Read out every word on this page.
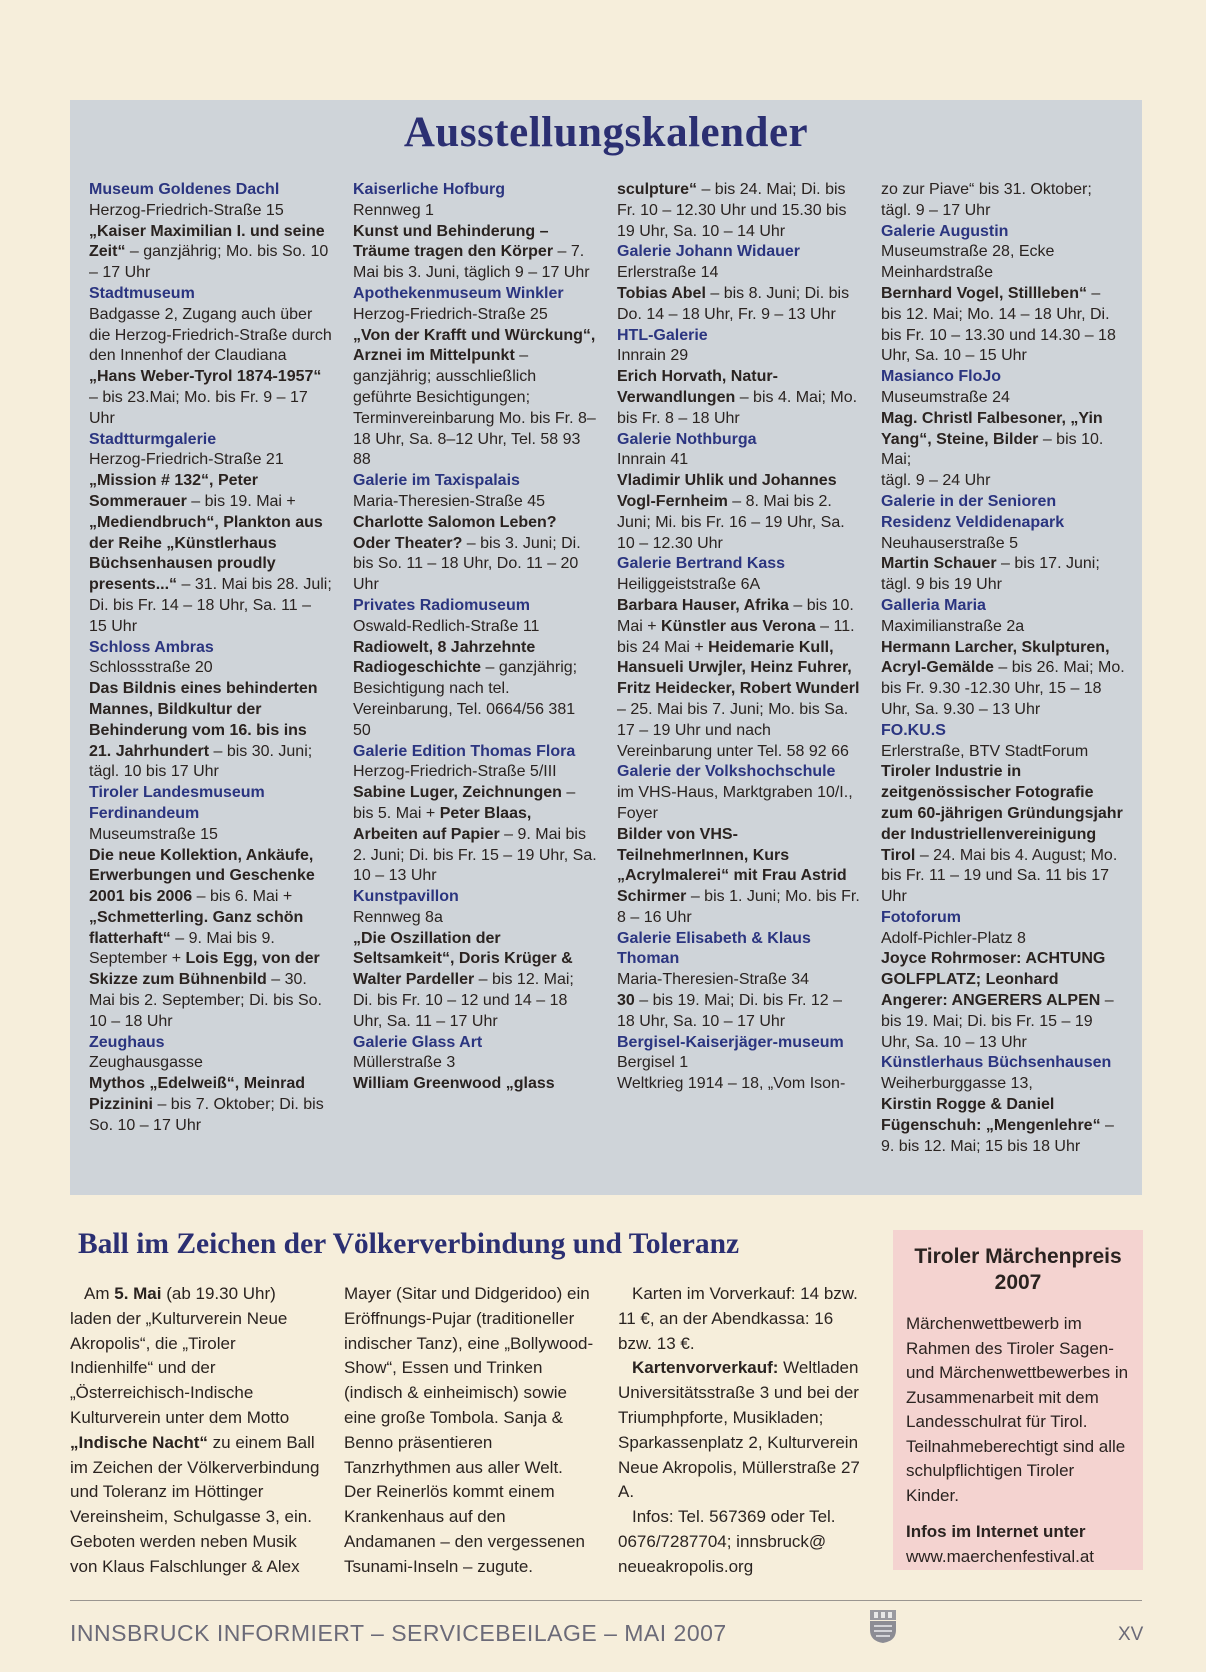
Ausstellungskalender

Museum Goldenes Dachl
Herzog-Friedrich-Straße 15
„Kaiser Maximilian I. und seine Zeit“ – ganzjährig; Mo. bis So. 10 – 17 Uhr

Stadtmuseum
Badgasse 2, Zugang auch über die Herzog-Friedrich-Straße durch den Innenhof der Claudiana
„Hans Weber-Tyrol 1874-1957“ – bis 23.Mai; Mo. bis Fr. 9 – 17 Uhr

Stadtturmgalerie
Herzog-Friedrich-Straße 21
„Mission # 132“, Peter Sommerauer – bis 19. Mai + „Mediendbruch“, Plankton aus der Reihe „Künstlerhaus Büchsenhausen proudly presents...“ – 31. Mai bis 28. Juli; Di. bis Fr. 14 – 18 Uhr, Sa. 11 – 15 Uhr

Schloss Ambras
Schlossstraße 20
Das Bildnis eines behinderten Mannes, Bildkultur der Behinderung vom 16. bis ins 21. Jahrhundert – bis 30. Juni; tägl. 10 bis 17 Uhr

Tiroler Landesmuseum Ferdinandeum
Museumstraße 15
Die neue Kollektion, Ankäufe, Erwerbungen und Geschenke 2001 bis 2006 – bis 6. Mai + „Schmetterling. Ganz schön flatterhaft“ – 9. Mai bis 9. September + Lois Egg, von der Skizze zum Bühnenbild – 30. Mai bis 2. September; Di. bis So. 10 – 18 Uhr

Zeughaus
Zeughausgasse
Mythos „Edelweiß“, Meinrad Pizzinini – bis 7. Oktober; Di. bis So. 10 – 17 Uhr

Kaiserliche Hofburg
Rennweg 1
Kunst und Behinderung – Träume tragen den Körper – 7. Mai bis 3. Juni, täglich 9 – 17 Uhr

Apothekenmuseum Winkler
Herzog-Friedrich-Straße 25
„Von der Krafft und Würckung“, Arznei im Mittelpunkt – ganzjährig; ausschließlich geführte Besichtigungen; Terminvereinbarung Mo. bis Fr. 8–18 Uhr, Sa. 8–12 Uhr, Tel. 58 93 88

Galerie im Taxispalais
Maria-Theresien-Straße 45
Charlotte Salomon Leben? Oder Theater? – bis 3. Juni; Di. bis So. 11 – 18 Uhr, Do. 11 – 20 Uhr

Privates Radiomuseum
Oswald-Redlich-Straße 11
Radiowelt, 8 Jahrzehnte Radiogeschichte – ganzjährig; Besichtigung nach tel. Vereinbarung, Tel. 0664/56 381 50

Galerie Edition Thomas Flora
Herzog-Friedrich-Straße 5/III
Sabine Luger, Zeichnungen – bis 5. Mai + Peter Blaas, Arbeiten auf Papier – 9. Mai bis 2. Juni; Di. bis Fr. 15 – 19 Uhr, Sa. 10 – 13 Uhr

Kunstpavillon
Rennweg 8a
„Die Oszillation der Seltsamkeit“, Doris Krüger & Walter Pardeller – bis 12. Mai; Di. bis Fr. 10 – 12 und 14 – 18 Uhr, Sa. 11 – 17 Uhr

Galerie Glass Art
Müllerstraße 3
William Greenwood „glass

sculpture“ – bis 24. Mai; Di. bis Fr. 10 – 12.30 Uhr und 15.30 bis 19 Uhr, Sa. 10 – 14 Uhr

Galerie Johann Widauer
Erlerstraße 14
Tobias Abel – bis 8. Juni; Di. bis Do. 14 – 18 Uhr, Fr. 9 – 13 Uhr

HTL-Galerie
Innrain 29
Erich Horvath, Natur-Verwandlungen – bis 4. Mai; Mo. bis Fr. 8 – 18 Uhr

Galerie Nothburga
Innrain 41
Vladimir Uhlik und Johannes Vogl-Fernheim – 8. Mai bis 2. Juni; Mi. bis Fr. 16 – 19 Uhr, Sa. 10 – 12.30 Uhr

Galerie Bertrand Kass
Heiliggeiststraße 6A
Barbara Hauser, Afrika – bis 10. Mai + Künstler aus Verona – 11. bis 24 Mai + Heidemarie Kull, Hansueli Urwjler, Heinz Fuhrer, Fritz Heidecker, Robert Wunderl – 25. Mai bis 7. Juni; Mo. bis Sa. 17 – 19 Uhr und nach Vereinbarung unter Tel. 58 92 66

Galerie der Volkshochschule
im VHS-Haus, Marktgraben 10/I., Foyer
Bilder von VHS-TeilnehmerInnen, Kurs „Acrylmalerei“ mit Frau Astrid Schirmer – bis 1. Juni; Mo. bis Fr. 8 – 16 Uhr

Galerie Elisabeth & Klaus Thoman
Maria-Theresien-Straße 34
30 – bis 19. Mai; Di. bis Fr. 12 – 18 Uhr, Sa. 10 – 17 Uhr

Bergisel-Kaiserjäger-museum
Bergisel 1
Weltkrieg 1914 – 18, „Vom Ison-

zo zur Piave“ bis 31. Oktober; tägl. 9 – 17 Uhr

Galerie Augustin
Museumstraße 28, Ecke Meinhardstraße
Bernhard Vogel, Stillleben“ – bis 12. Mai; Mo. 14 – 18 Uhr, Di. bis Fr. 10 – 13.30 und 14.30 – 18 Uhr, Sa. 10 – 15 Uhr

Masianco FloJo
Museumstraße 24
Mag. Christl Falbesoner, „Yin Yang“, Steine, Bilder – bis 10. Mai;
tägl. 9 – 24 Uhr

Galerie in der Senioren Residenz Veldidenapark
Neuhauserstraße 5
Martin Schauer – bis 17. Juni; tägl. 9 bis 19 Uhr

Galleria Maria
Maximilianstraße 2a
Hermann Larcher, Skulpturen, Acryl-Gemälde – bis 26. Mai; Mo. bis Fr. 9.30 -12.30 Uhr, 15 – 18 Uhr, Sa. 9.30 – 13 Uhr

FO.KU.S
Erlerstraße, BTV StadtForum
Tiroler Industrie in zeitgenössischer Fotografie zum 60-jährigen Gründungsjahr der Industriellenvereinigung Tirol – 24. Mai bis 4. August; Mo. bis Fr. 11 – 19 und Sa. 11 bis 17 Uhr

Fotoforum
Adolf-Pichler-Platz 8
Joyce Rohrmoser: ACHTUNG GOLFPLATZ; Leonhard Angerer: ANGERERS ALPEN – bis 19. Mai; Di. bis Fr. 15 – 19 Uhr, Sa. 10 – 13 Uhr

Künstlerhaus Büchsenhausen
Weiherburggasse 13,
Kirstin Rogge & Daniel Fügenschuh: „Mengenlehre“ – 9. bis 12. Mai; 15 bis 18 Uhr

Ball im Zeichen der Völkerverbindung und Toleranz

Am 5. Mai (ab 19.30 Uhr) laden der „Kulturverein Neue Akropolis“, die „Tiroler Indienhilfe“ und der „Österreichisch-Indische Kulturverein unter dem Motto „Indische Nacht“ zu einem Ball im Zeichen der Völkerverbindung und Toleranz im Höttinger Vereinsheim, Schulgasse 3, ein. Geboten werden neben Musik von Klaus Falschlunger & Alex

Mayer (Sitar und Didgeridoo) ein Eröffnungs-Pujar (traditioneller indischer Tanz), eine „Bollywood-Show“, Essen und Trinken (indisch & einheimisch) sowie eine große Tombola. Sanja & Benno präsentieren Tanzrhythmen aus aller Welt. Der Reinerlös kommt einem Krankenhaus auf den Andamanen – den vergessenen Tsunami-Inseln – zugute.

Karten im Vorverkauf: 14 bzw. 11 €, an der Abendkassa: 16 bzw. 13 €.

Kartenvorverkauf: Weltladen Universitätsstraße 3 und bei der Triumphpforte, Musikladen; Sparkassenplatz 2, Kulturverein Neue Akropolis, Müllerstraße 27 A.

Infos: Tel. 567369 oder Tel. 0676/7287704; innsbruck@ neueakropolis.org

Tiroler Märchenpreis 2007
Märchenwettbewerb im Rahmen des Tiroler Sagen- und Märchenwettbewerbes in Zusammenarbeit mit dem Landesschulrat für Tirol. Teilnahmeberechtigt sind alle schulpflichtigen Tiroler Kinder.
Infos im Internet unter
www.maerchenfestival.at
INNSBRUCK INFORMIERT – SERVICEBEILAGE – MAI 2007	XV
